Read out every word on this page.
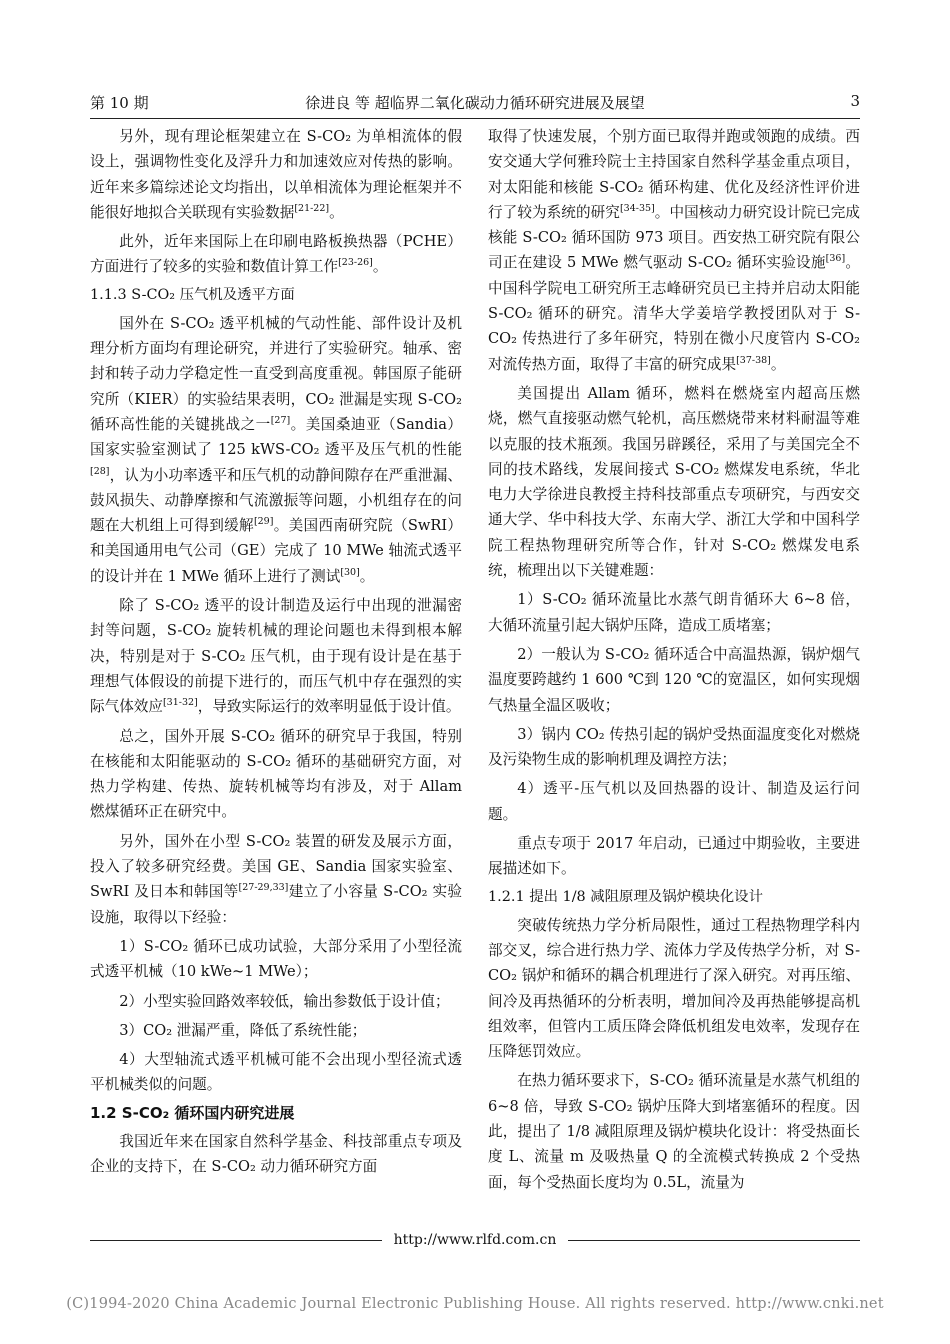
第 10 期	徐进良 等 超临界二氧化碳动力循环研究进展及展望	3

另外，现有理论框架建立在 S-CO₂ 为单相流体的假设上，强调物性变化及浮升力和加速效应对传热的影响。近年来多篇综述论文均指出，以单相流体为理论框架并不能很好地拟合关联现有实验数据[21-22]。

此外，近年来国际上在印刷电路板换热器（PCHE）方面进行了较多的实验和数值计算工作[23-26]。

1.1.3 S-CO₂ 压气机及透平方面

国外在 S-CO₂ 透平机械的气动性能、部件设计及机理分析方面均有理论研究，并进行了实验研究。轴承、密封和转子动力学稳定性一直受到高度重视。韩国原子能研究所（KIER）的实验结果表明，CO₂ 泄漏是实现 S-CO₂ 循环高性能的关键挑战之一[27]。美国桑迪亚（Sandia）国家实验室测试了 125 kWS-CO₂ 透平及压气机的性能[28]，认为小功率透平和压气机的动静间隙存在严重泄漏、鼓风损失、动静摩擦和气流激振等问题，小机组存在的问题在大机组上可得到缓解[29]。美国西南研究院（SwRI）和美国通用电气公司（GE）完成了 10 MWe 轴流式透平的设计并在 1 MWe 循环上进行了测试[30]。

除了 S-CO₂ 透平的设计制造及运行中出现的泄漏密封等问题，S-CO₂ 旋转机械的理论问题也未得到根本解决，特别是对于 S-CO₂ 压气机，由于现有设计是在基于理想气体假设的前提下进行的，而压气机中存在强烈的实际气体效应[31-32]，导致实际运行的效率明显低于设计值。

总之，国外开展 S-CO₂ 循环的研究早于我国，特别在核能和太阳能驱动的 S-CO₂ 循环的基础研究方面，对热力学构建、传热、旋转机械等均有涉及，对于 Allam 燃煤循环正在研究中。

另外，国外在小型 S-CO₂ 装置的研发及展示方面，投入了较多研究经费。美国 GE、Sandia 国家实验室、SwRI 及日本和韩国等[27-29,33]建立了小容量 S-CO₂ 实验设施，取得以下经验：

1）S-CO₂ 循环已成功试验，大部分采用了小型径流式透平机械（10 kWe~1 MWe）；

2）小型实验回路效率较低，输出参数低于设计值；

3）CO₂ 泄漏严重，降低了系统性能；

4）大型轴流式透平机械可能不会出现小型径流式透平机械类似的问题。

1.2 S-CO₂ 循环国内研究进展

我国近年来在国家自然科学基金、科技部重点专项及企业的支持下，在 S-CO₂ 动力循环研究方面

取得了快速发展，个别方面已取得并跑或领跑的成绩。西安交通大学何雅玲院士主持国家自然科学基金重点项目，对太阳能和核能 S-CO₂ 循环构建、优化及经济性评价进行了较为系统的研究[34-35]。中国核动力研究设计院已完成核能 S-CO₂ 循环国防 973 项目。西安热工研究院有限公司正在建设 5 MWe 燃气驱动 S-CO₂ 循环实验设施[36]。中国科学院电工研究所王志峰研究员已主持并启动太阳能 S-CO₂ 循环的研究。清华大学姜培学教授团队对于 S-CO₂ 传热进行了多年研究，特别在微小尺度管内 S-CO₂ 对流传热方面，取得了丰富的研究成果[37-38]。

美国提出 Allam 循环，燃料在燃烧室内超高压燃烧，燃气直接驱动燃气轮机，高压燃烧带来材料耐温等难以克服的技术瓶颈。我国另辟蹊径，采用了与美国完全不同的技术路线，发展间接式 S-CO₂ 燃煤发电系统，华北电力大学徐进良教授主持科技部重点专项研究，与西安交通大学、华中科技大学、东南大学、浙江大学和中国科学院工程热物理研究所等合作，针对 S-CO₂ 燃煤发电系统，梳理出以下关键难题：

1）S-CO₂ 循环流量比水蒸气朗肯循环大 6~8 倍，大循环流量引起大锅炉压降，造成工质堵塞；

2）一般认为 S-CO₂ 循环适合中高温热源，锅炉烟气温度要跨越约 1 600 ℃到 120 ℃的宽温区，如何实现烟气热量全温区吸收；

3）锅内 CO₂ 传热引起的锅炉受热面温度变化对燃烧及污染物生成的影响机理及调控方法；

4）透平-压气机以及回热器的设计、制造及运行问题。

重点专项于 2017 年启动，已通过中期验收，主要进展描述如下。

1.2.1 提出 1/8 减阻原理及锅炉模块化设计

突破传统热力学分析局限性，通过工程热物理学科内部交叉，综合进行热力学、流体力学及传热学分析，对 S-CO₂ 锅炉和循环的耦合机理进行了深入研究。对再压缩、间冷及再热循环的分析表明，增加间冷及再热能够提高机组效率，但管内工质压降会降低机组发电效率，发现存在压降惩罚效应。

在热力循环要求下，S-CO₂ 循环流量是水蒸气机组的 6~8 倍，导致 S-CO₂ 锅炉压降大到堵塞循环的程度。因此，提出了 1/8 减阻原理及锅炉模块化设计：将受热面长度 L、流量 m 及吸热量 Q 的全流模式转换成 2 个受热面，每个受热面长度均为 0.5L，流量为

http://www.rlfd.com.cn
(C)1994-2020 China Academic Journal Electronic Publishing House. All rights reserved. http://www.cnki.net
